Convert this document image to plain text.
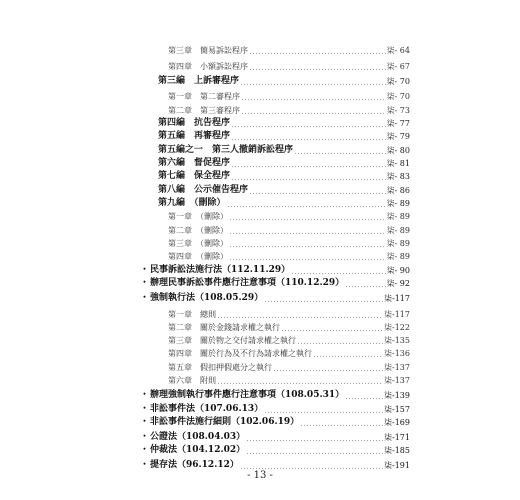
第三章　簡易訴訟程序	柒- 64
第四章　小額訴訟程序	柒- 67
第三編　上訴審程序	柒- 70
第一章　第二審程序	柒- 70
第二章　第三審程序	柒- 73
第四編　抗告程序	柒- 77
第五編　再審程序	柒- 79
第五編之一　第三人撤銷訴訟程序	柒- 80
第六編　督促程序	柒- 81
第七編　保全程序	柒- 83
第八編　公示催告程序	柒- 86
第九編　（刪除）	柒- 89
第一章　（刪除）	柒- 89
第二章　（刪除）	柒- 89
第三章　（刪除）	柒- 89
第四章　（刪除）	柒- 89
・ 民事訴訟法施行法（112.11.29）	柒- 90
・ 辦理民事訴訟事件應行注意事項（110.12.29）	柒- 92
・ 強制執行法（108.05.29）	柒-117
第一章　總則	柒-117
第二章　關於金錢請求權之執行	柒-122
第三章　關於物之交付請求權之執行	柒-135
第四章　關於行為及不行為請求權之執行	柒-136
第五章　假扣押假處分之執行	柒-137
第六章　附則	柒-137
・ 辦理強制執行事件應行注意事項（108.05.31）	柒-139
・ 非訟事件法（107.06.13）	柒-157
・ 非訟事件法施行細則（102.06.19）	柒-169
・ 公證法（108.04.03）	柒-171
・ 仲裁法（104.12.02）	柒-185
・ 提存法（96.12.12）	柒-191
- 13 -
